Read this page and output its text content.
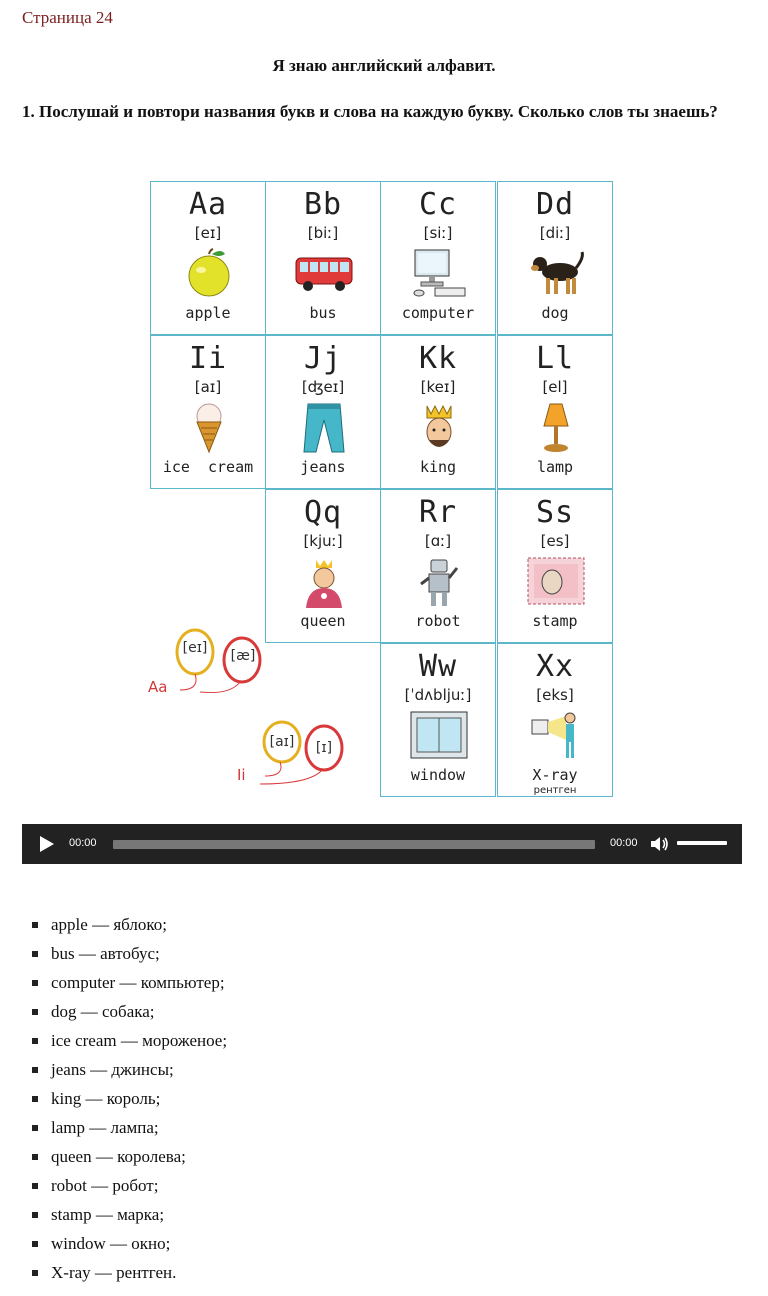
Страница 24
Я знаю английский алфавит.
1. Послушай и повтори названия букв и слова на каждую букву. Сколько слов ты знаешь?
Aa
[eɪ]
apple
Bb
[biː]
bus
Cc
[siː]
computer
Dd
[diː]
dog
Ii
[aɪ]
ice  cream
Jj
[ʤeɪ]
jeans
Kk
[keɪ]
king
Ll
[el]
lamp
Qq
[kjuː]
queen
Rr
[ɑː]
robot
Ss
[es]
stamp
Ww
[ˈdʌbljuː]
window
Xx
[eks]
X-ray
рентген
Aa
[eɪ] [æ]
Ii
[aɪ]	[ɪ]
00:00	00:00
apple — яблоко;
bus — автобус;
computer — компьютер;
dog — собака;
ice cream — мороженое;
jeans — джинсы;
king — король;
lamp — лампа;
queen — королева;
robot — робот;
stamp — марка;
window — окно;
X-ray — рентген.
